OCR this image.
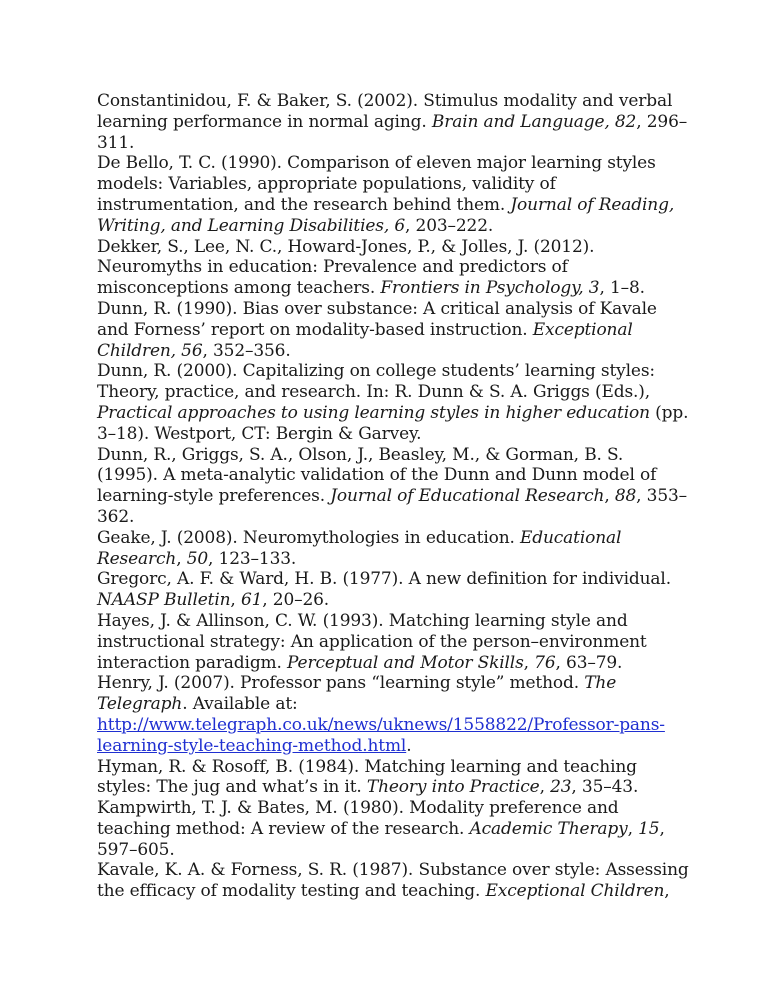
Constantinidou, F. & Baker, S. (2002). Stimulus modality and verbal learning performance in normal aging. Brain and Language, 82, 296–311.

De Bello, T. C. (1990). Comparison of eleven major learning styles models: Variables, appropriate populations, validity of instrumentation, and the research behind them. Journal of Reading, Writing, and Learning Disabilities, 6, 203–222.

Dekker, S., Lee, N. C., Howard-Jones, P., & Jolles, J. (2012). Neuromyths in education: Prevalence and predictors of misconceptions among teachers. Frontiers in Psychology, 3, 1–8.

Dunn, R. (1990). Bias over substance: A critical analysis of Kavale and Forness’ report on modality-based instruction. Exceptional Children, 56, 352–356.

Dunn, R. (2000). Capitalizing on college students’ learning styles: Theory, practice, and research. In: R. Dunn & S. A. Griggs (Eds.), Practical approaches to using learning styles in higher education (pp. 3–18). Westport, CT: Bergin & Garvey.

Dunn, R., Griggs, S. A., Olson, J., Beasley, M., & Gorman, B. S. (1995). A meta-analytic validation of the Dunn and Dunn model of learning-style preferences. Journal of Educational Research, 88, 353–362.

Geake, J. (2008). Neuromythologies in education. Educational Research, 50, 123–133.

Gregorc, A. F. & Ward, H. B. (1977). A new definition for individual. NAASP Bulletin, 61, 20–26.

Hayes, J. & Allinson, C. W. (1993). Matching learning style and instructional strategy: An application of the person–environment interaction paradigm. Perceptual and Motor Skills, 76, 63–79.

Henry, J. (2007). Professor pans “learning style” method. The Telegraph. Available at: http://www.telegraph.co.uk/news/uknews/1558822/Professor-pans-learning-style-teaching-method.html.

Hyman, R. & Rosoff, B. (1984). Matching learning and teaching styles: The jug and what’s in it. Theory into Practice, 23, 35–43.

Kampwirth, T. J. & Bates, M. (1980). Modality preference and teaching method: A review of the research. Academic Therapy, 15, 597–605.

Kavale, K. A. & Forness, S. R. (1987). Substance over style: Assessing the efficacy of modality testing and teaching. Exceptional Children,
